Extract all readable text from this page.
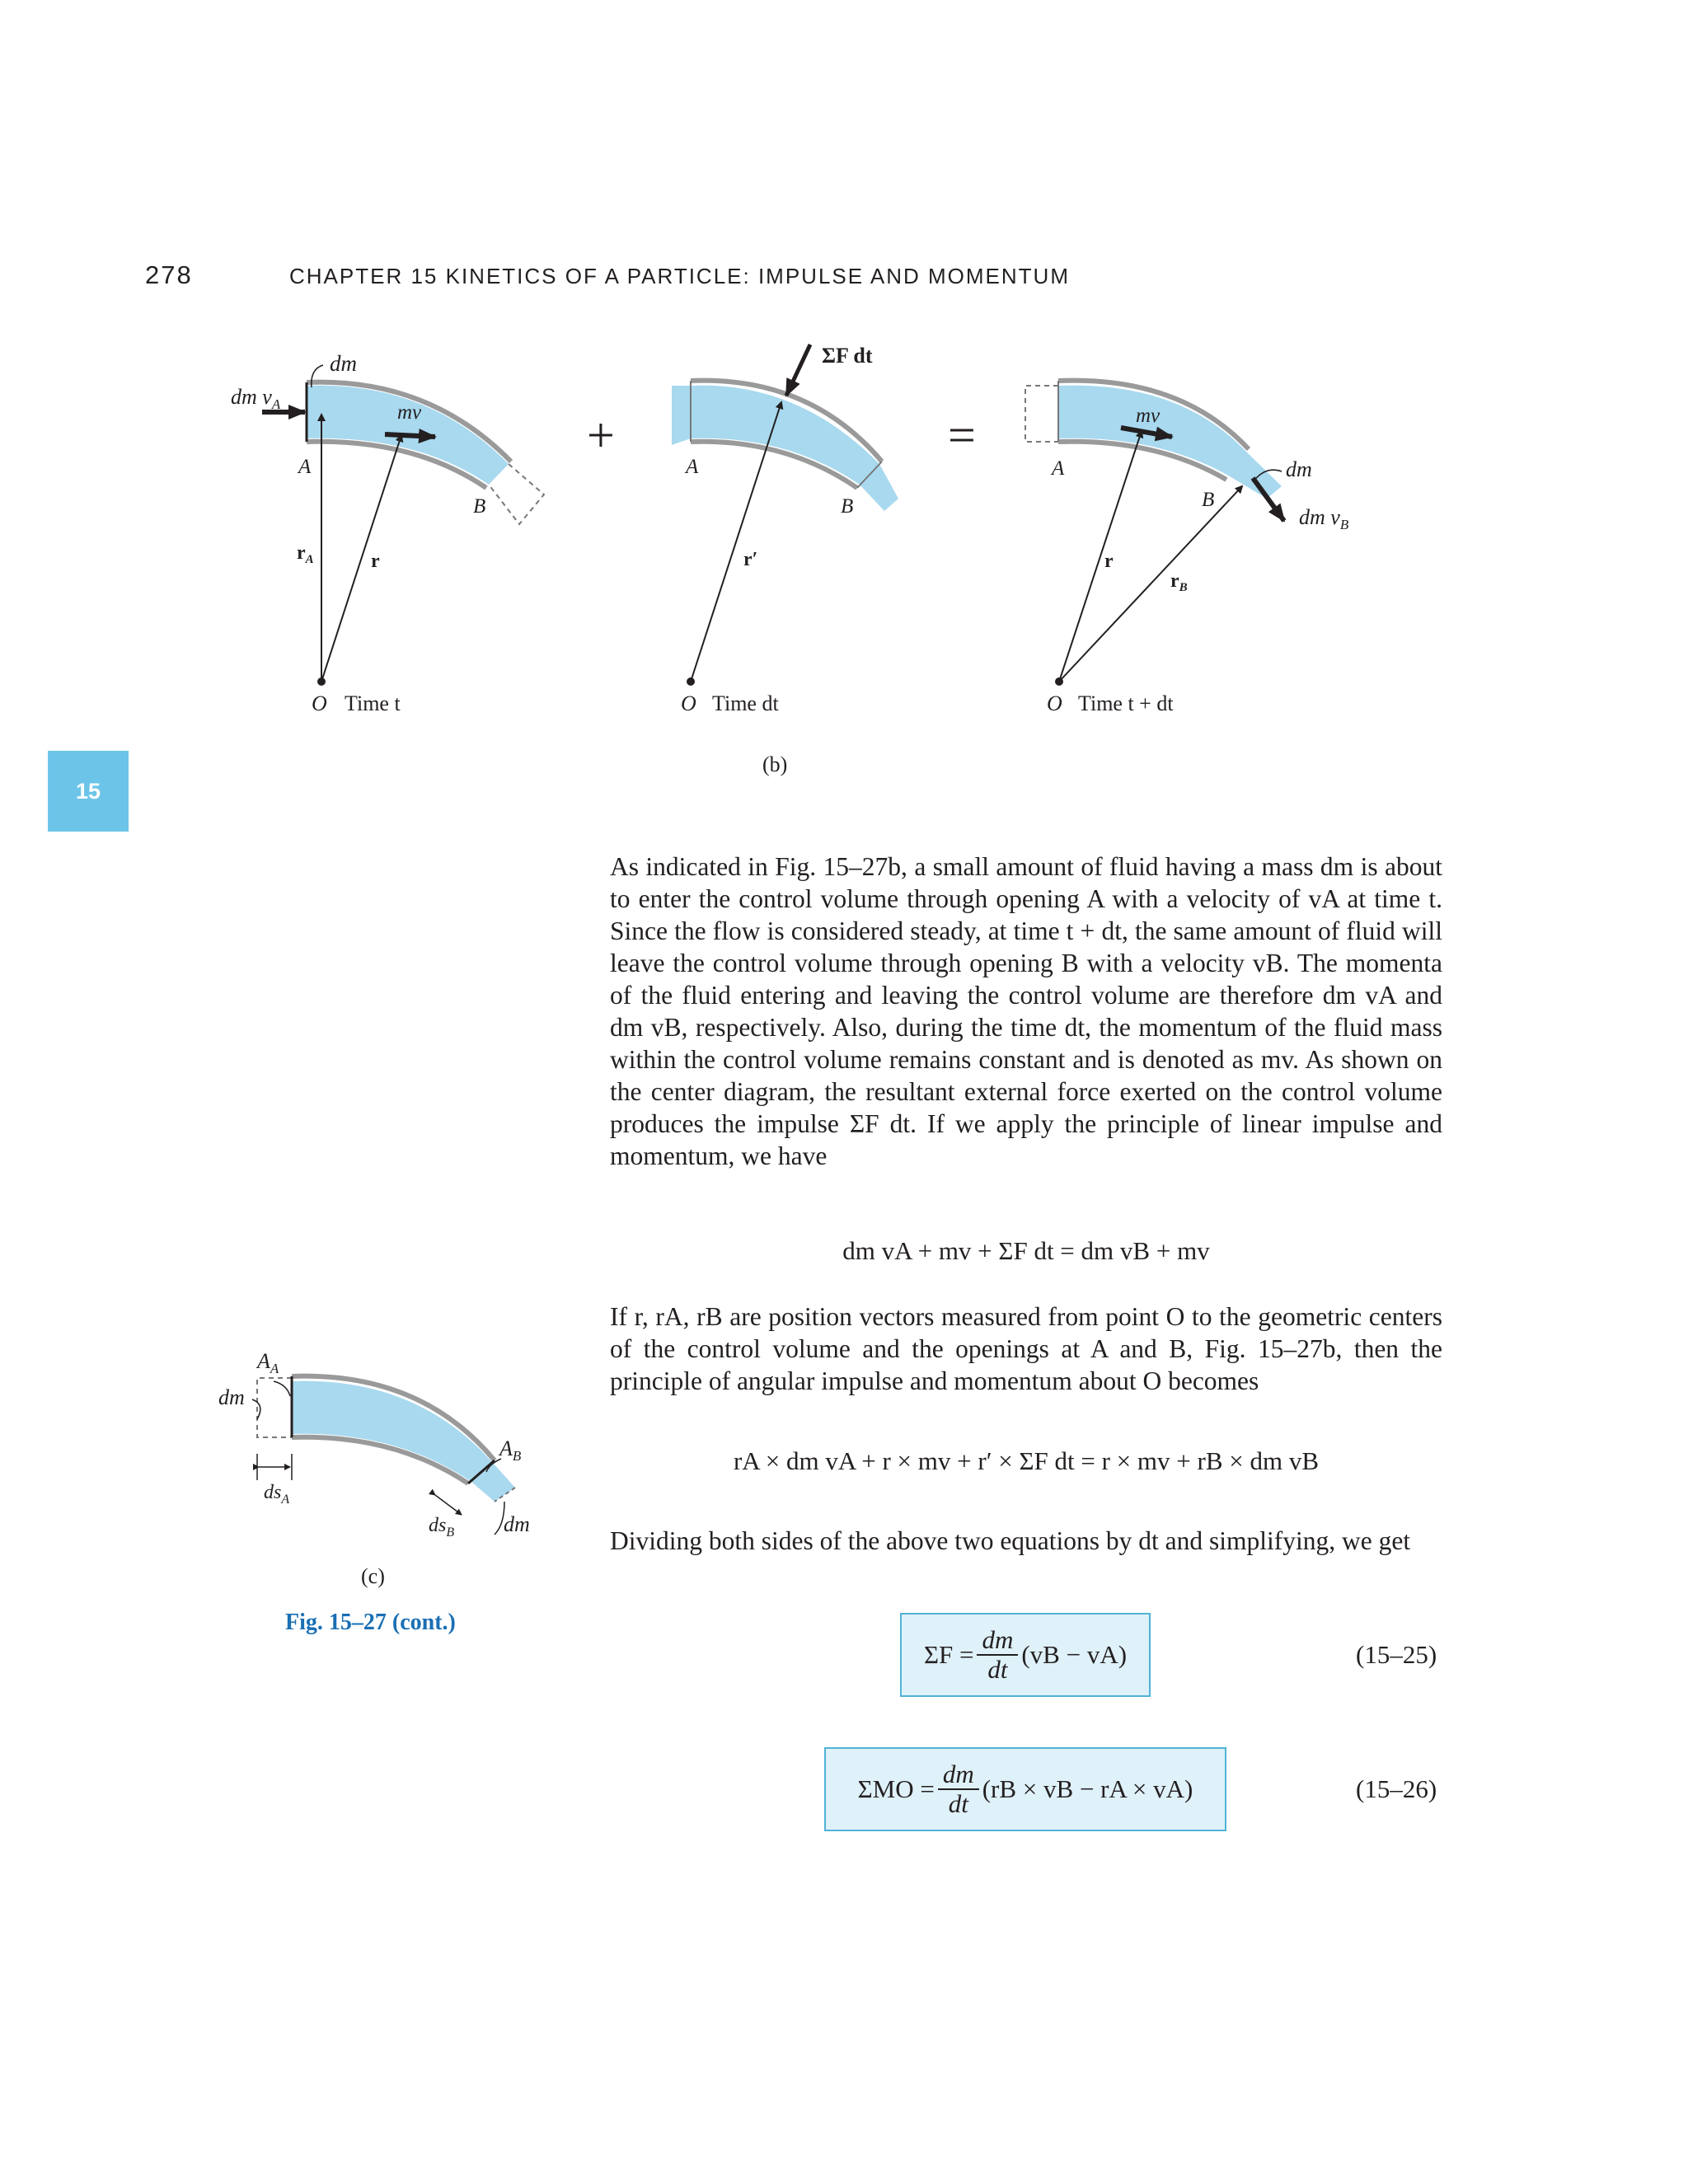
278	CHAPTER 15 KINETICS OF A PARTICLE: IMPULSE AND MOMENTUM
15
dm
dm $v_A$	mv
A
B
$r_A$	r
O Time t
+
ΣF dt
A
B
r′
O Time dt
=	mv
A
B
dm
dm $v_B$
r
$r_B$
O Time t + dt
(b)
$A_A$
dm
$ds_A$
$A_B$
$ds_B$ dm
(c)
Fig. 15–27 (cont.)
As indicated in Fig. 15–27b, a small amount of fluid having a mass dm is about to enter the control volume through opening A with a velocity of vA at time t. Since the flow is considered steady, at time t + dt, the same amount of fluid will leave the control volume through opening B with a velocity vB. The momenta of the fluid entering and leaving the control volume are therefore dm vA and dm vB, respectively. Also, during the time dt, the momentum of the fluid mass within the control volume remains constant and is denoted as mv. As shown on the center diagram, the resultant external force exerted on the control volume produces the impulse ΣF dt. If we apply the principle of linear impulse and momentum, we have
dm vA + mv + ΣF dt = dm vB + mv
If r, rA, rB are position vectors measured from point O to the geometric centers of the control volume and the openings at A and B, Fig. 15–27b, then the principle of angular impulse and momentum about O becomes
rA × dm vA + r × mv + r′ × ΣF dt = r × mv + rB × dm vB
Dividing both sides of the above two equations by dt and simplifying, we get
$\Sigma F = \frac{dm}{dt} (vB - vA)$	(15–25)
$\Sigma MO = \frac{dm}{dt} (rB$ × vB − rA × vA)	(15–26)
